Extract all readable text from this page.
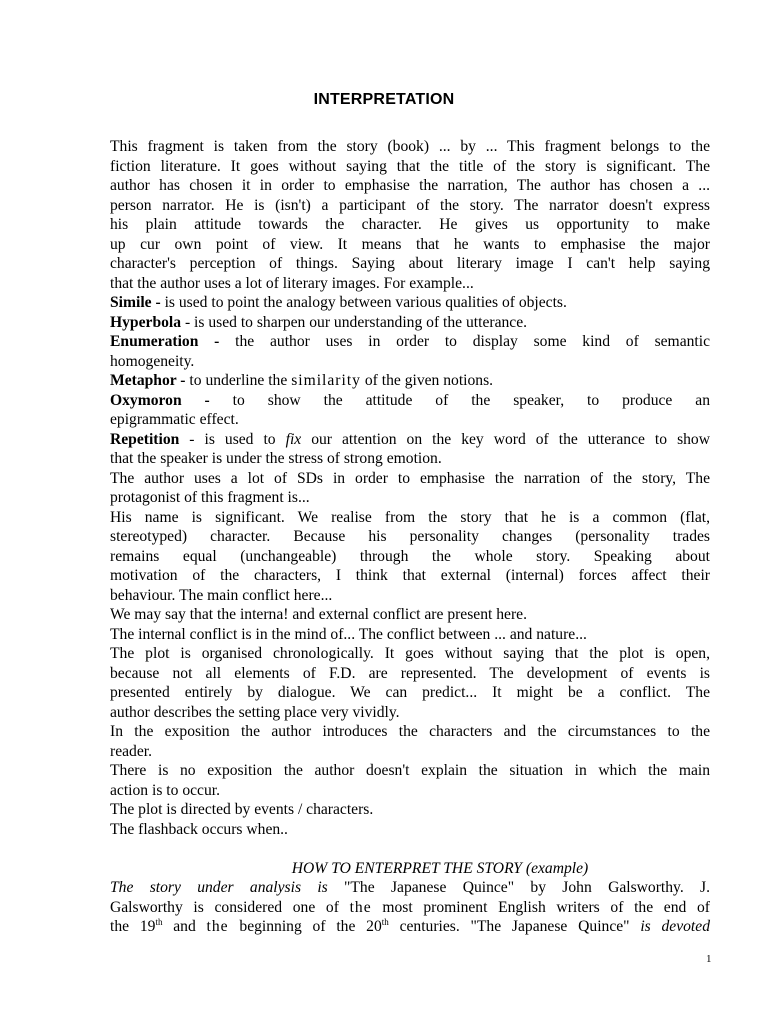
INTERPRETATION

This fragment is taken from the story (book) ... by ... This fragment belongs to the

fiction literature. It goes without saying that the title of the story is significant. The

author has chosen it in order to emphasise the narration, The author has chosen a ...

person narrator. He is (isn't) a participant of the story. The narrator doesn't express

his plain attitude towards the character. He gives us opportunity to make

up cur own point of view. It means that he wants to emphasise the major

character's perception of things. Saying about literary image I can't help saying

that the author uses a lot of literary images. For example...

Simile - is used to point the analogy between various qualities of objects.

Hyperbola - is used to sharpen our understanding of the utterance.

Enumeration - the author uses in order to display some kind of semantic

homogeneity.

Metaphor - to underline the similarity of the given notions.

Oxymoron - to show the attitude of the speaker, to produce an

epigrammatic effect.

Repetition - is used to fix our attention on the key word of the utterance to show

that the speaker is under the stress of strong emotion.

The author uses a lot of SDs in order to emphasise the narration of the story, The

protagonist of this fragment is...

His name is significant. We realise from the story that he is a common (flat,

stereotyped) character. Because his personality changes (personality trades

remains equal (unchangeable) through the whole story. Speaking about

motivation of the characters, I think that external (internal) forces affect their

behaviour. The main conflict here...

We may say that the interna! and external conflict are present here.

The internal conflict is in the mind of... The conflict between ... and nature...

The plot is organised chronologically. It goes without saying that the plot is open,

because not all elements of F.D. are represented. The development of events is

presented entirely by dialogue. We can predict... It might be a conflict. The

author describes the setting place very vividly.

In the exposition the author introduces the characters and the circumstances to the

reader.

There is no exposition the author doesn't explain the situation in which the main

action is to occur.

The plot is directed by events / characters.

The flashback occurs when..

HOW TO ENTERPRET THE STORY (example)

The story under analysis is "The Japanese Quince" by John Galsworthy. J.

Galsworthy is considered one of the most prominent English writers of the end of

the 19th and the beginning of the 20th centuries. "The Japanese Quince" is devoted

1
